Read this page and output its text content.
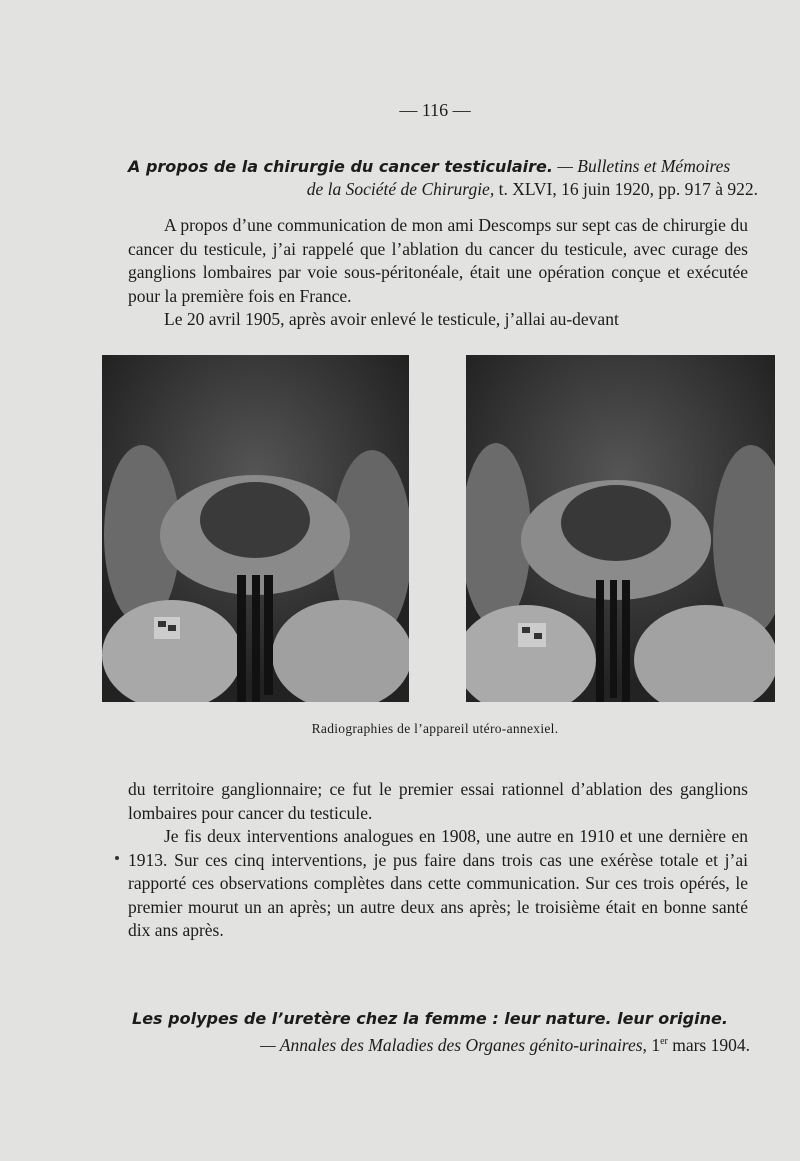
— 116 —
A propos de la chirurgie du cancer testiculaire. — Bulletins et Mémoires
de la Société de Chirurgie, t. XLVI, 16 juin 1920, pp. 917 à 922.
A propos d’une communication de mon ami Descomps sur sept cas de chirurgie du cancer du testicule, j’ai rappelé que l’ablation du cancer du testicule, avec curage des ganglions lombaires par voie sous-péritonéale, était une opération conçue et exécutée pour la première fois en France.
Le 20 avril 1905, après avoir enlevé le testicule, j’allai au-devant
Radiographies de l’appareil utéro-annexiel.
du territoire ganglionnaire; ce fut le premier essai rationnel d’ablation des ganglions lombaires pour cancer du testicule.
Je fis deux interventions analogues en 1908, une autre en 1910 et une dernière en 1913. Sur ces cinq interventions, je pus faire dans trois cas une exérèse totale et j’ai rapporté ces observations complètes dans cette communication. Sur ces trois opérés, le premier mourut un an après; un autre deux ans après; le troisième était en bonne santé dix ans après.
Les polypes de l’uretère chez la femme : leur nature. leur origine.
— Annales des Maladies des Organes génito-urinaires, 1er mars 1904.
